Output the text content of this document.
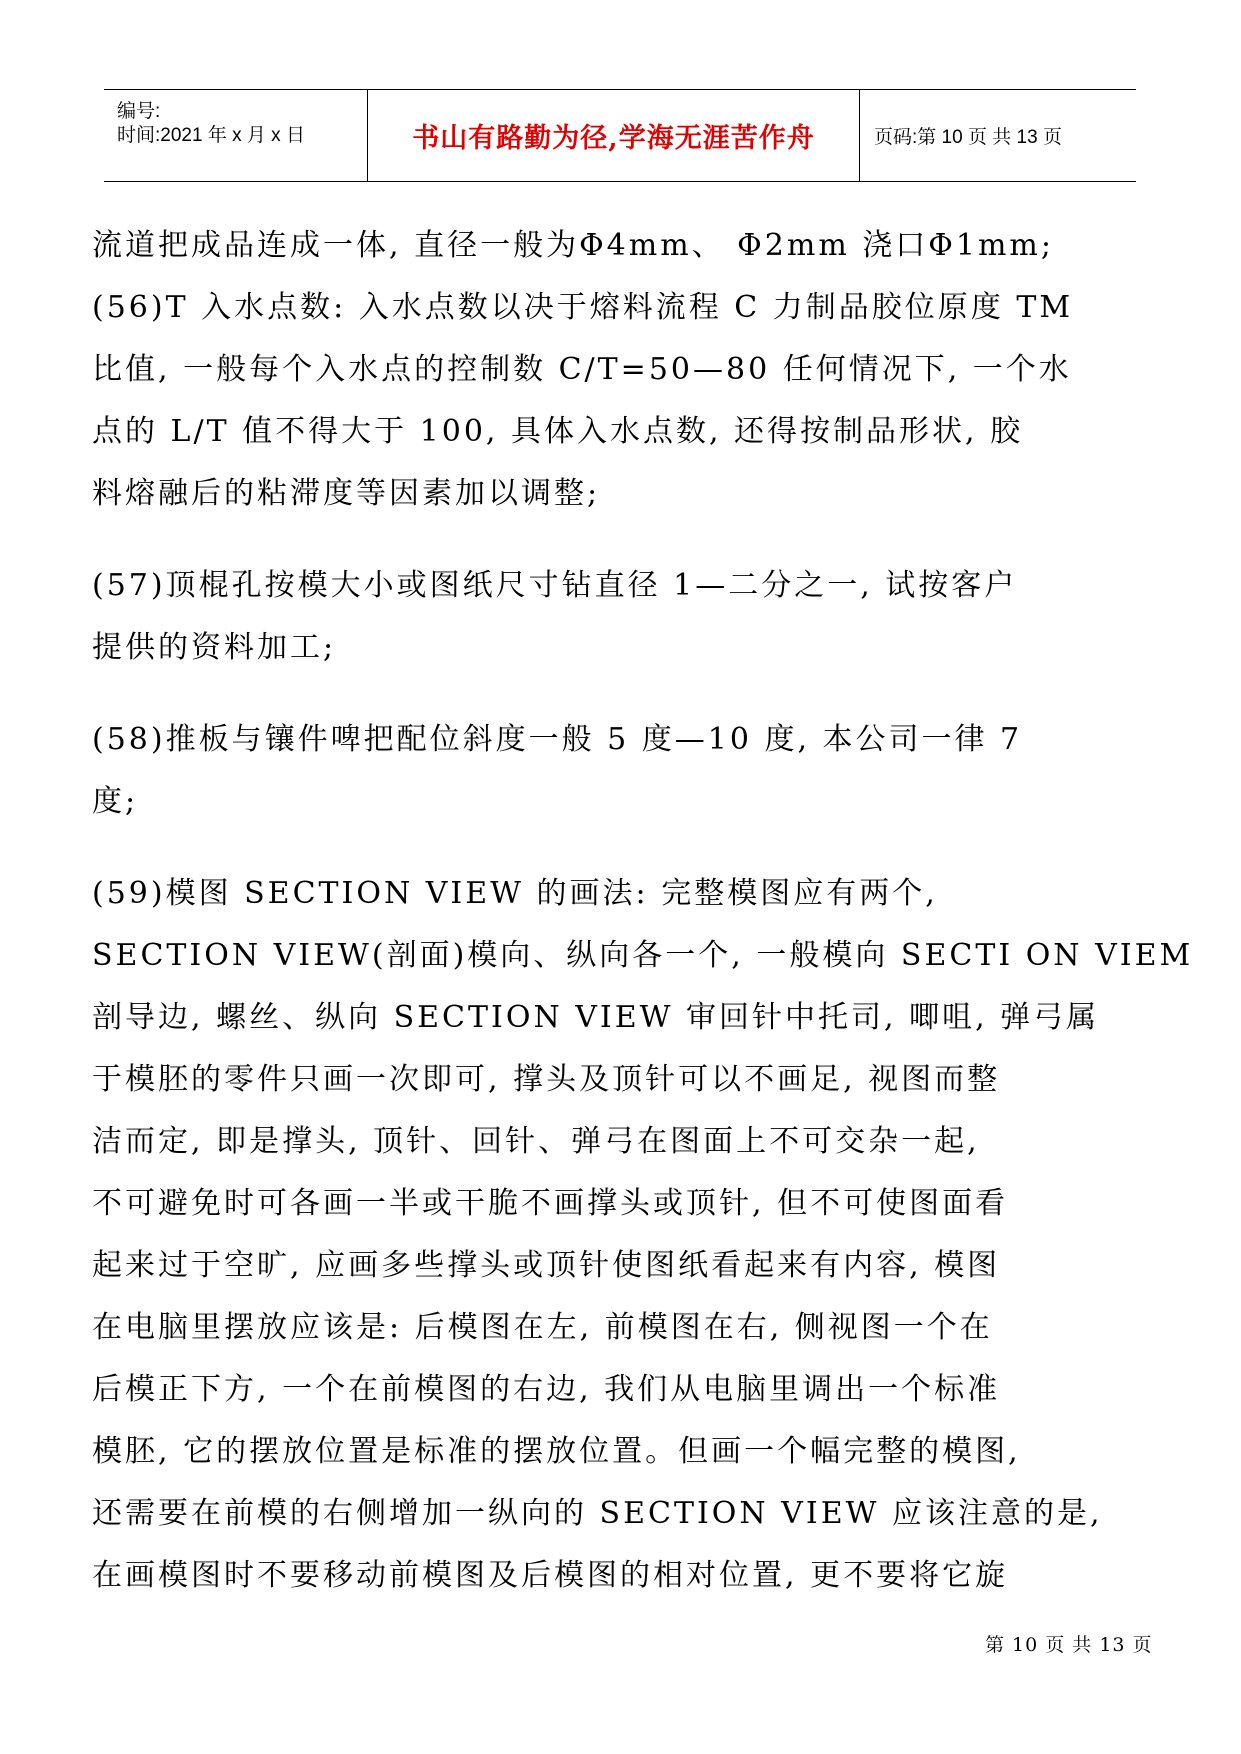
编号:
时间:2021 年 x 月 x 日	书山有路勤为径,学海无涯苦作舟	页码:第 10 页 共 13 页
流道把成品连成一体, 直径一般为Φ4mm、 Φ2mm 浇口Φ1mm;
(56)T 入水点数: 入水点数以决于熔料流程 C 力制品胶位原度 TM
比值, 一般每个入水点的控制数 C/T=50—80 任何情况下, 一个水
点的 L/T 值不得大于 100, 具体入水点数, 还得按制品形状, 胶
料熔融后的粘滞度等因素加以调整;
(57)顶棍孔按模大小或图纸尺寸钻直径 1—二分之一, 试按客户
提供的资料加工;
(58)推板与镶件啤把配位斜度一般 5 度—10 度, 本公司一律 7
度;
(59)模图 SECTION VIEW 的画法: 完整模图应有两个,
SECTION VIEW(剖面)模向、纵向各一个, 一般模向 SECTI ON VIEM
剖导边, 螺丝、纵向 SECTION VIEW 审回针中托司, 唧咀, 弹弓属
于模胚的零件只画一次即可, 撑头及顶针可以不画足, 视图而整
洁而定, 即是撑头, 顶针、回针、弹弓在图面上不可交杂一起,
不可避免时可各画一半或干脆不画撑头或顶针, 但不可使图面看
起来过于空旷, 应画多些撑头或顶针使图纸看起来有内容, 模图
在电脑里摆放应该是: 后模图在左, 前模图在右, 侧视图一个在
后模正下方, 一个在前模图的右边, 我们从电脑里调出一个标准
模胚, 它的摆放位置是标准的摆放位置。但画一个幅完整的模图,
还需要在前模的右侧增加一纵向的 SECTION VIEW 应该注意的是,
在画模图时不要移动前模图及后模图的相对位置, 更不要将它旋
第 10 页 共 13 页
